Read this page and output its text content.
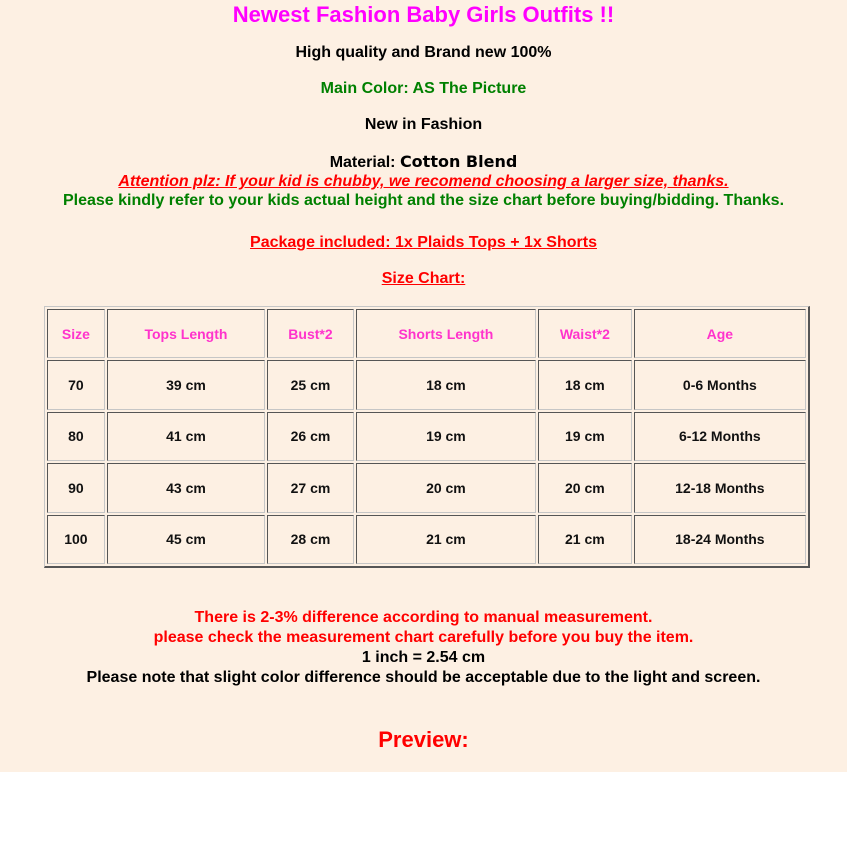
Newest Fashion Baby Girls Outfits !!
High quality and Brand new 100%
Main Color: AS The Picture
New in Fashion
Material: Cotton Blend
Attention plz: If your kid is chubby, we recomend choosing a larger size, thanks.
Please kindly refer to your kids actual height and the size chart before buying/bidding. Thanks.
Package included: 1x Plaids Tops + 1x Shorts
Size Chart:
Size	Tops Length	Bust*2	Shorts Length	Waist*2	Age
70	39 cm	25 cm	18 cm	18 cm	0-6 Months
80	41 cm	26 cm	19 cm	19 cm	6-12 Months
90	43 cm	27 cm	20 cm	20 cm	12-18 Months
100	45 cm	28 cm	21 cm	21 cm	18-24 Months
There is 2-3% difference according to manual measurement.
please check the measurement chart carefully before you buy the item.
1 inch = 2.54 cm
Please note that slight color difference should be acceptable due to the light and screen.
Preview:
